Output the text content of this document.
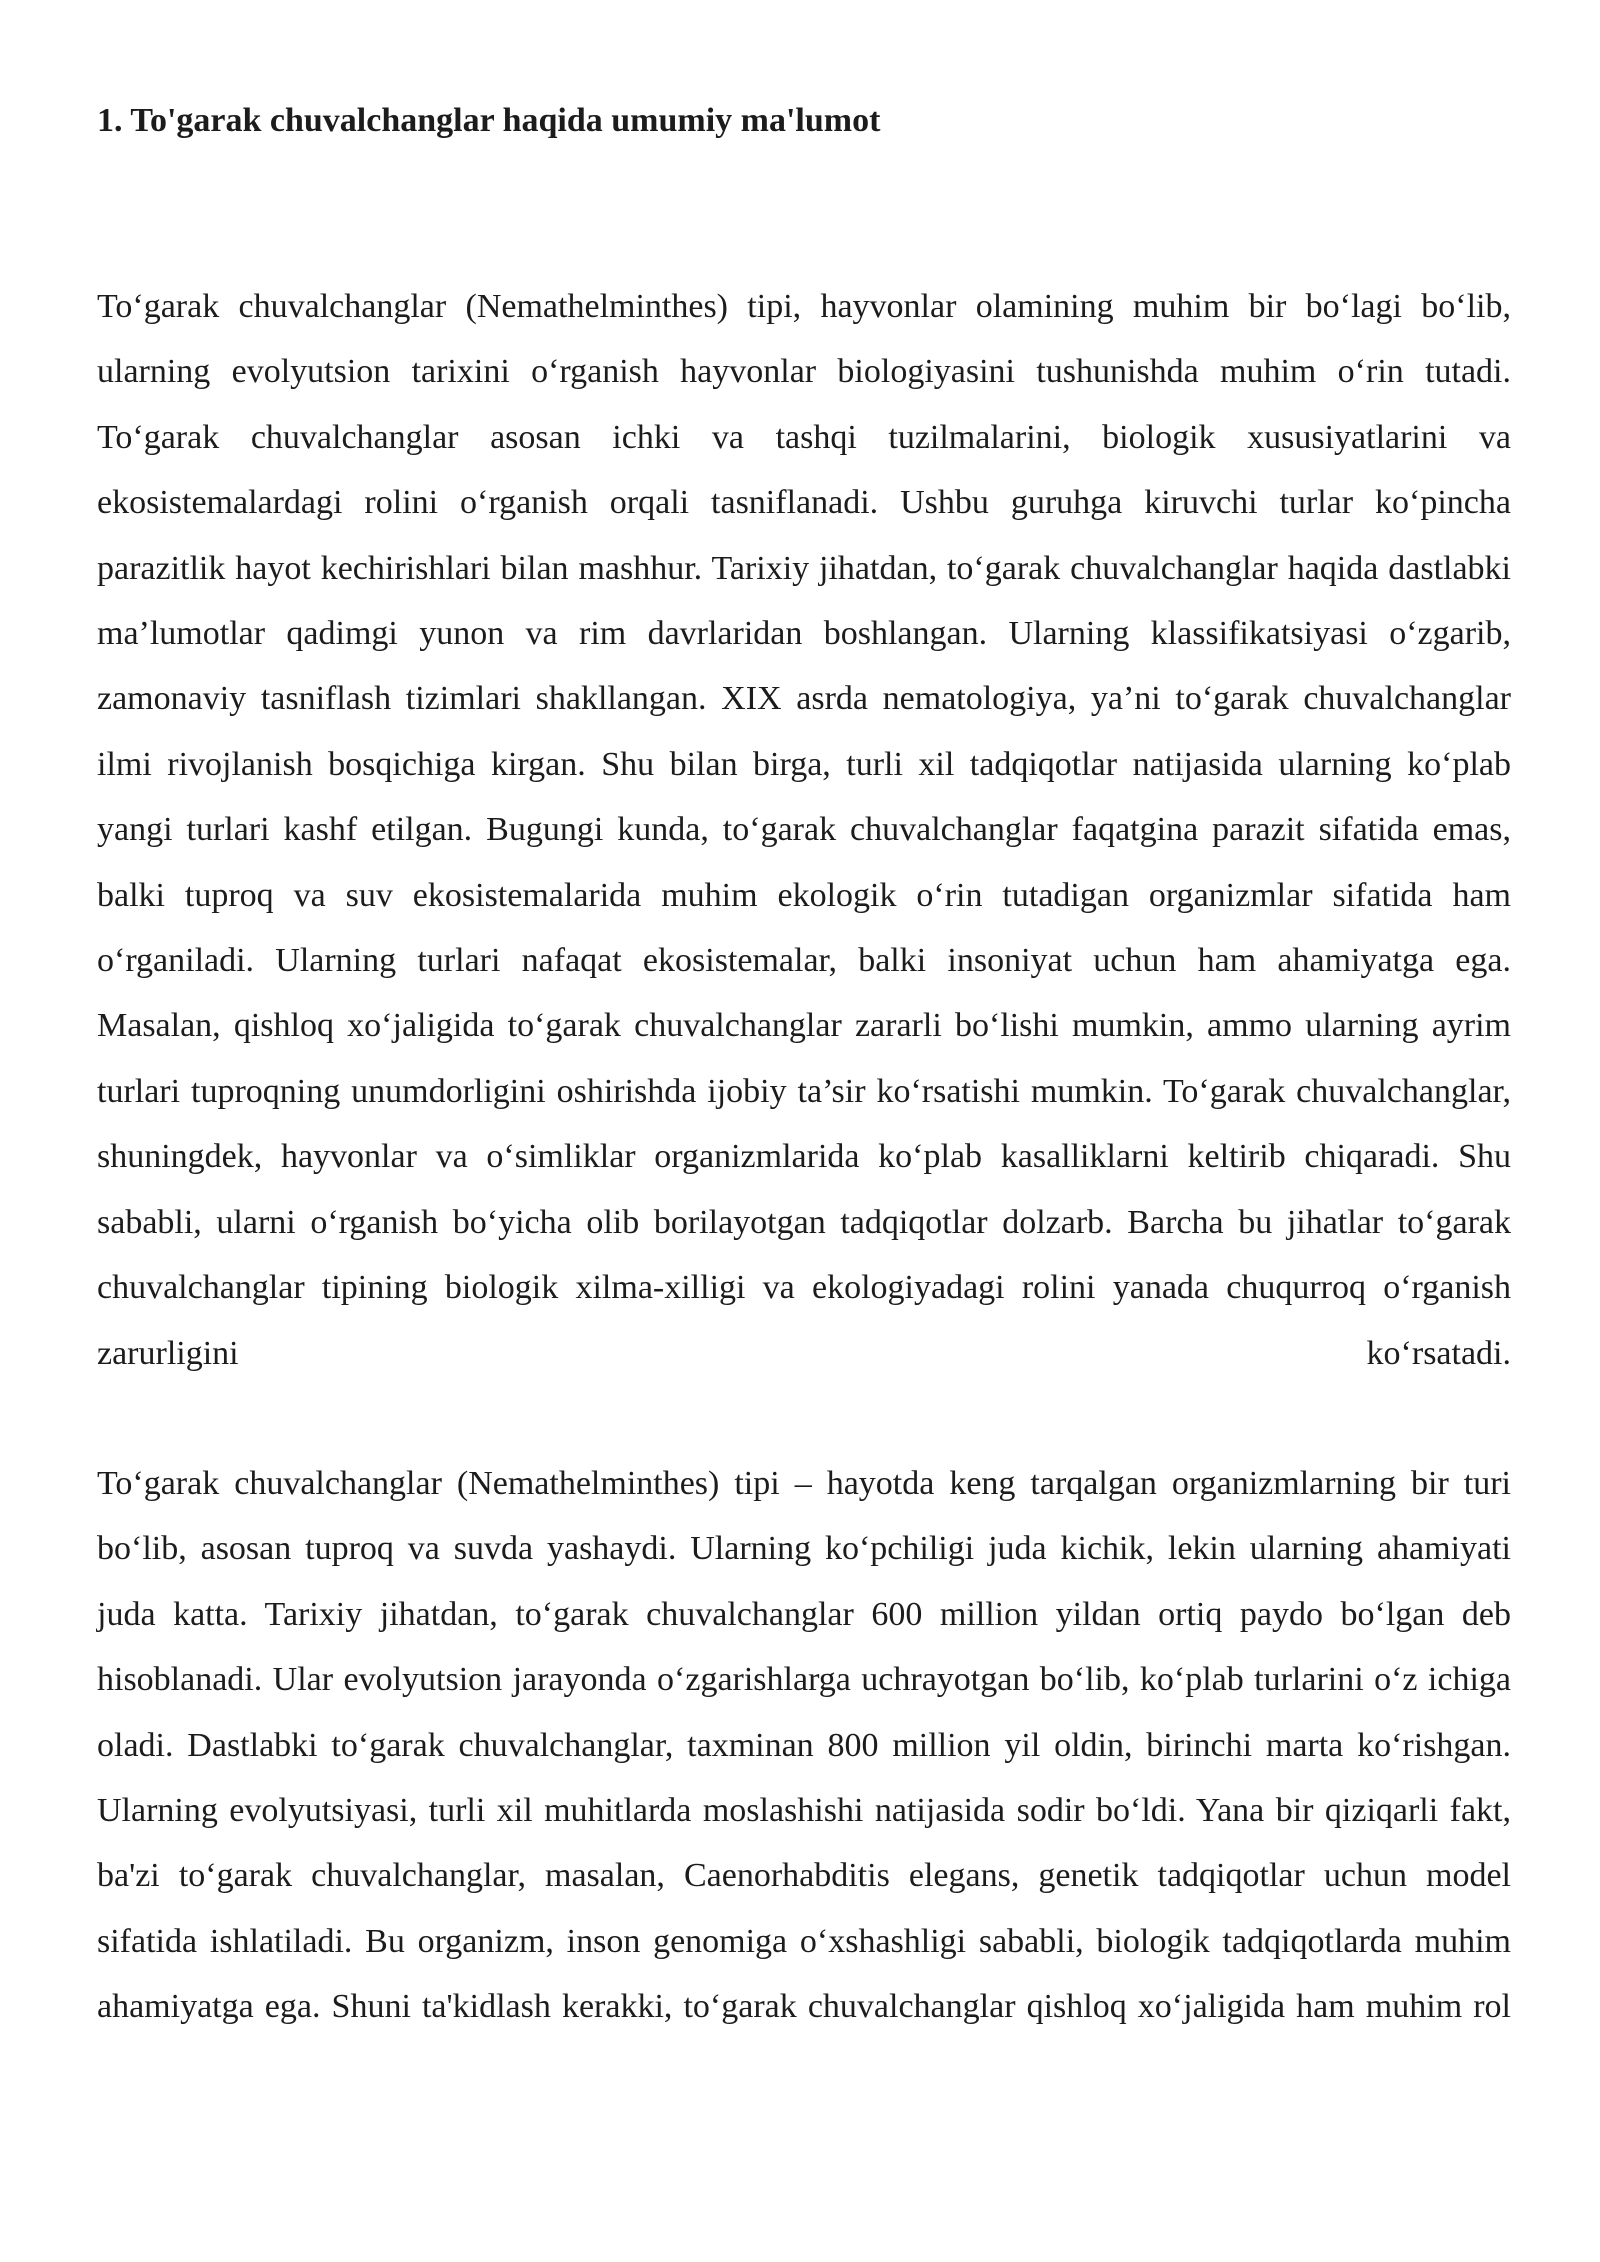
1. To'garak chuvalchanglar haqida umumiy ma'lumot

To‘garak chuvalchanglar (Nemathelminthes) tipi, hayvonlar olamining muhim bir bo‘lagi bo‘lib, ularning evolyutsion tarixini o‘rganish hayvonlar biologiyasini tushunishda muhim o‘rin tutadi. To‘garak chuvalchanglar asosan ichki va tashqi tuzilmalarini, biologik xususiyatlarini va ekosistemalardagi rolini o‘rganish orqali tasniflanadi. Ushbu guruhga kiruvchi turlar ko‘pincha parazitlik hayot kechirishlari bilan mashhur. Tarixiy jihatdan, to‘garak chuvalchanglar haqida dastlabki ma’lumotlar qadimgi yunon va rim davrlaridan boshlangan. Ularning klassifikatsiyasi o‘zgarib, zamonaviy tasniflash tizimlari shakllangan. XIX asrda nematologiya, ya’ni to‘garak chuvalchanglar ilmi rivojlanish bosqichiga kirgan. Shu bilan birga, turli xil tadqiqotlar natijasida ularning ko‘plab yangi turlari kashf etilgan. Bugungi kunda, to‘garak chuvalchanglar faqatgina parazit sifatida emas, balki tuproq va suv ekosistemalarida muhim ekologik o‘rin tutadigan organizmlar sifatida ham o‘rganiladi. Ularning turlari nafaqat ekosistemalar, balki insoniyat uchun ham ahamiyatga ega. Masalan, qishloq xo‘jaligida to‘garak chuvalchanglar zararli bo‘lishi mumkin, ammo ularning ayrim turlari tuproqning unumdorligini oshirishda ijobiy ta’sir ko‘rsatishi mumkin. To‘garak chuvalchanglar, shuningdek, hayvonlar va o‘simliklar organizmlarida ko‘plab kasalliklarni keltirib chiqaradi. Shu sababli, ularni o‘rganish bo‘yicha olib borilayotgan tadqiqotlar dolzarb. Barcha bu jihatlar to‘garak chuvalchanglar tipining biologik xilma-xilligi va ekologiyadagi rolini yanada chuqurroq o‘rganish zarurligini ko‘rsatadi.

To‘garak chuvalchanglar (Nemathelminthes) tipi – hayotda keng tarqalgan organizmlarning bir turi bo‘lib, asosan tuproq va suvda yashaydi. Ularning ko‘pchiligi juda kichik, lekin ularning ahamiyati juda katta. Tarixiy jihatdan, to‘garak chuvalchanglar 600 million yildan ortiq paydo bo‘lgan deb hisoblanadi. Ular evolyutsion jarayonda o‘zgarishlarga uchrayotgan bo‘lib, ko‘plab turlarini o‘z ichiga oladi. Dastlabki to‘garak chuvalchanglar, taxminan 800 million yil oldin, birinchi marta ko‘rishgan. Ularning evolyutsiyasi, turli xil muhitlarda moslashishi natijasida sodir bo‘ldi. Yana bir qiziqarli fakt, ba'zi to‘garak chuvalchanglar, masalan, Caenorhabditis elegans, genetik tadqiqotlar uchun model sifatida ishlatiladi. Bu organizm, inson genomiga o‘xshashligi sababli, biologik tadqiqotlarda muhim ahamiyatga ega. Shuni ta'kidlash kerakki, to‘garak chuvalchanglar qishloq xo‘jaligida ham muhim rol
